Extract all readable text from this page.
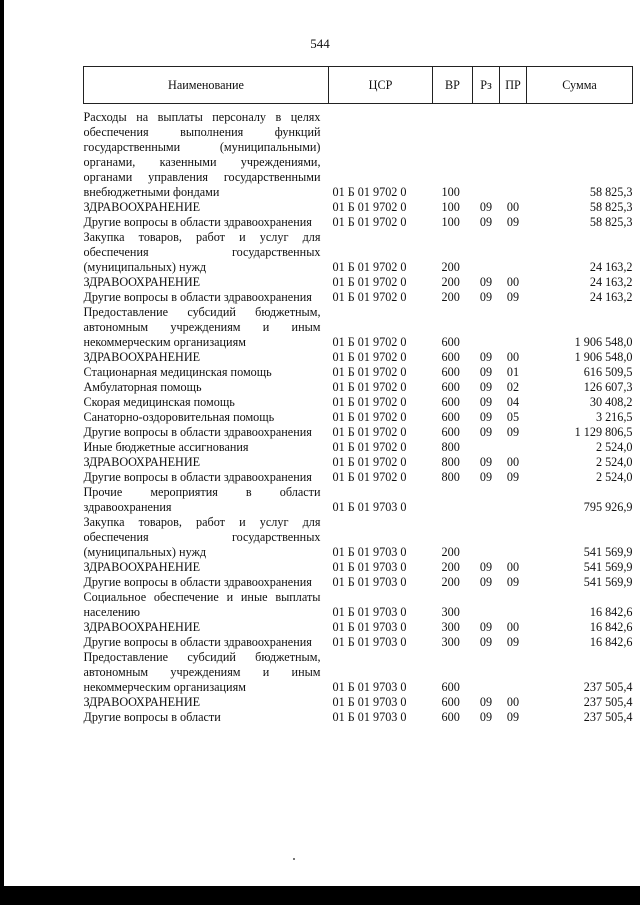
544
Наименование	ЦСР	ВР	Рз	ПР	Сумма
Расходы на выплаты персоналу в целях обеспечения выполнения функций государственными (муниципальными) органами, казенными учреждениями, органами управления государственными внебюджетными фондами	01 Б 01 9702 0	100			58 825,3
ЗДРАВООХРАНЕНИЕ	01 Б 01 9702 0	100	09	00	58 825,3
Другие вопросы в области здравоохранения	01 Б 01 9702 0	100	09	09	58 825,3
Закупка товаров, работ и услуг для обеспечения государственных (муниципальных) нужд	01 Б 01 9702 0	200			24 163,2
ЗДРАВООХРАНЕНИЕ	01 Б 01 9702 0	200	09	00	24 163,2
Другие вопросы в области здравоохранения	01 Б 01 9702 0	200	09	09	24 163,2
Предоставление субсидий бюджетным, автономным учреждениям и иным некоммерческим организациям	01 Б 01 9702 0	600			1 906 548,0
ЗДРАВООХРАНЕНИЕ	01 Б 01 9702 0	600	09	00	1 906 548,0
Стационарная медицинская помощь	01 Б 01 9702 0	600	09	01	616 509,5
Амбулаторная помощь	01 Б 01 9702 0	600	09	02	126 607,3
Скорая медицинская помощь	01 Б 01 9702 0	600	09	04	30 408,2
Санаторно-оздоровительная помощь	01 Б 01 9702 0	600	09	05	3 216,5
Другие вопросы в области здравоохранения	01 Б 01 9702 0	600	09	09	1 129 806,5
Иные бюджетные ассигнования	01 Б 01 9702 0	800			2 524,0
ЗДРАВООХРАНЕНИЕ	01 Б 01 9702 0	800	09	00	2 524,0
Другие вопросы в области здравоохранения	01 Б 01 9702 0	800	09	09	2 524,0
Прочие мероприятия в области здравоохранения	01 Б 01 9703 0				795 926,9
Закупка товаров, работ и услуг для обеспечения государственных (муниципальных) нужд	01 Б 01 9703 0	200			541 569,9
ЗДРАВООХРАНЕНИЕ	01 Б 01 9703 0	200	09	00	541 569,9
Другие вопросы в области здравоохранения	01 Б 01 9703 0	200	09	09	541 569,9
Социальное обеспечение и иные выплаты населению	01 Б 01 9703 0	300			16 842,6
ЗДРАВООХРАНЕНИЕ	01 Б 01 9703 0	300	09	00	16 842,6
Другие вопросы в области здравоохранения	01 Б 01 9703 0	300	09	09	16 842,6
Предоставление субсидий бюджетным, автономным учреждениям и иным некоммерческим организациям	01 Б 01 9703 0	600			237 505,4
ЗДРАВООХРАНЕНИЕ	01 Б 01 9703 0	600	09	00	237 505,4
Другие вопросы в области	01 Б 01 9703 0	600	09	09	237 505,4
